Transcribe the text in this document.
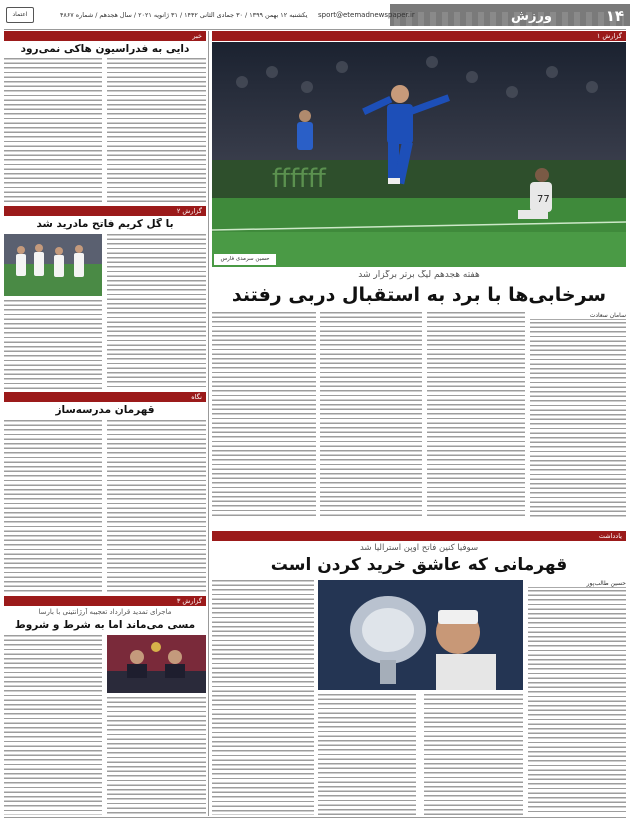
۱۴
ورزش
sport@etemadnewspaper.ir
یکشنبه ۱۲ بهمن ۱۳۹۹ / ۳۰ جمادی الثانی ۱۴۴۲ / ۳۱ ژانویه ۲۰۲۱ / سال هجدهم / شماره ۴۸۶۷
اعتماد
گزارش ۱
ffffff
77
حسین سرمدی فارس
هفته هجدهم لیگ برتر برگزار شد
سرخابی‌ها با برد به استقبال دربی رفتند
سامان سعادت
یادداشت
سوفیا کنین فاتح اوپن استرالیا شد
قهرمانی که عاشق خرید کردن است
حسین طالب‌پور
خبر
دایی به فدراسیون هاکی نمی‌رود
گزارش ۲
با گل کریم فاتح مادرید شد
نگاه
قهرمان مدرسه‌ساز
گزارش ۳
ماجرای تمدید قرارداد تعجیبه آرژانتینی با بارسا
مسی می‌ماند اما به شرط و شروط
